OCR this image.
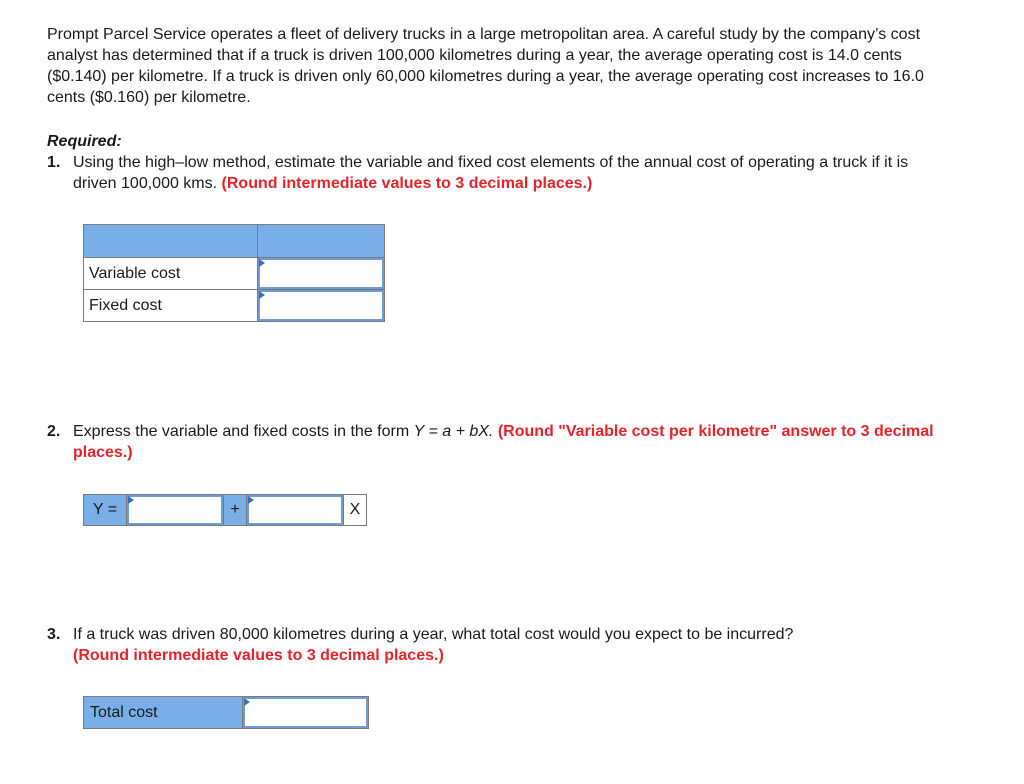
Prompt Parcel Service operates a fleet of delivery trucks in a large metropolitan area. A careful study by the company’s cost analyst has determined that if a truck is driven 100,000 kilometres during a year, the average operating cost is 14.0 cents ($0.140) per kilometre. If a truck is driven only 60,000 kilometres during a year, the average operating cost increases to 16.0 cents ($0.160) per kilometre.
Required:
1. Using the high–low method, estimate the variable and fixed cost elements of the annual cost of operating a truck if it is driven 100,000 kms. (Round intermediate values to 3 decimal places.)

Variable cost	

Fixed cost	
2. Express the variable and fixed costs in the form Y = a + bX. (Round "Variable cost per kilometre" answer to 3 decimal places.)
Y =	+	X
3. If a truck was driven 80,000 kilometres during a year, what total cost would you expect to be incurred?
(Round intermediate values to 3 decimal places.)
Total cost
